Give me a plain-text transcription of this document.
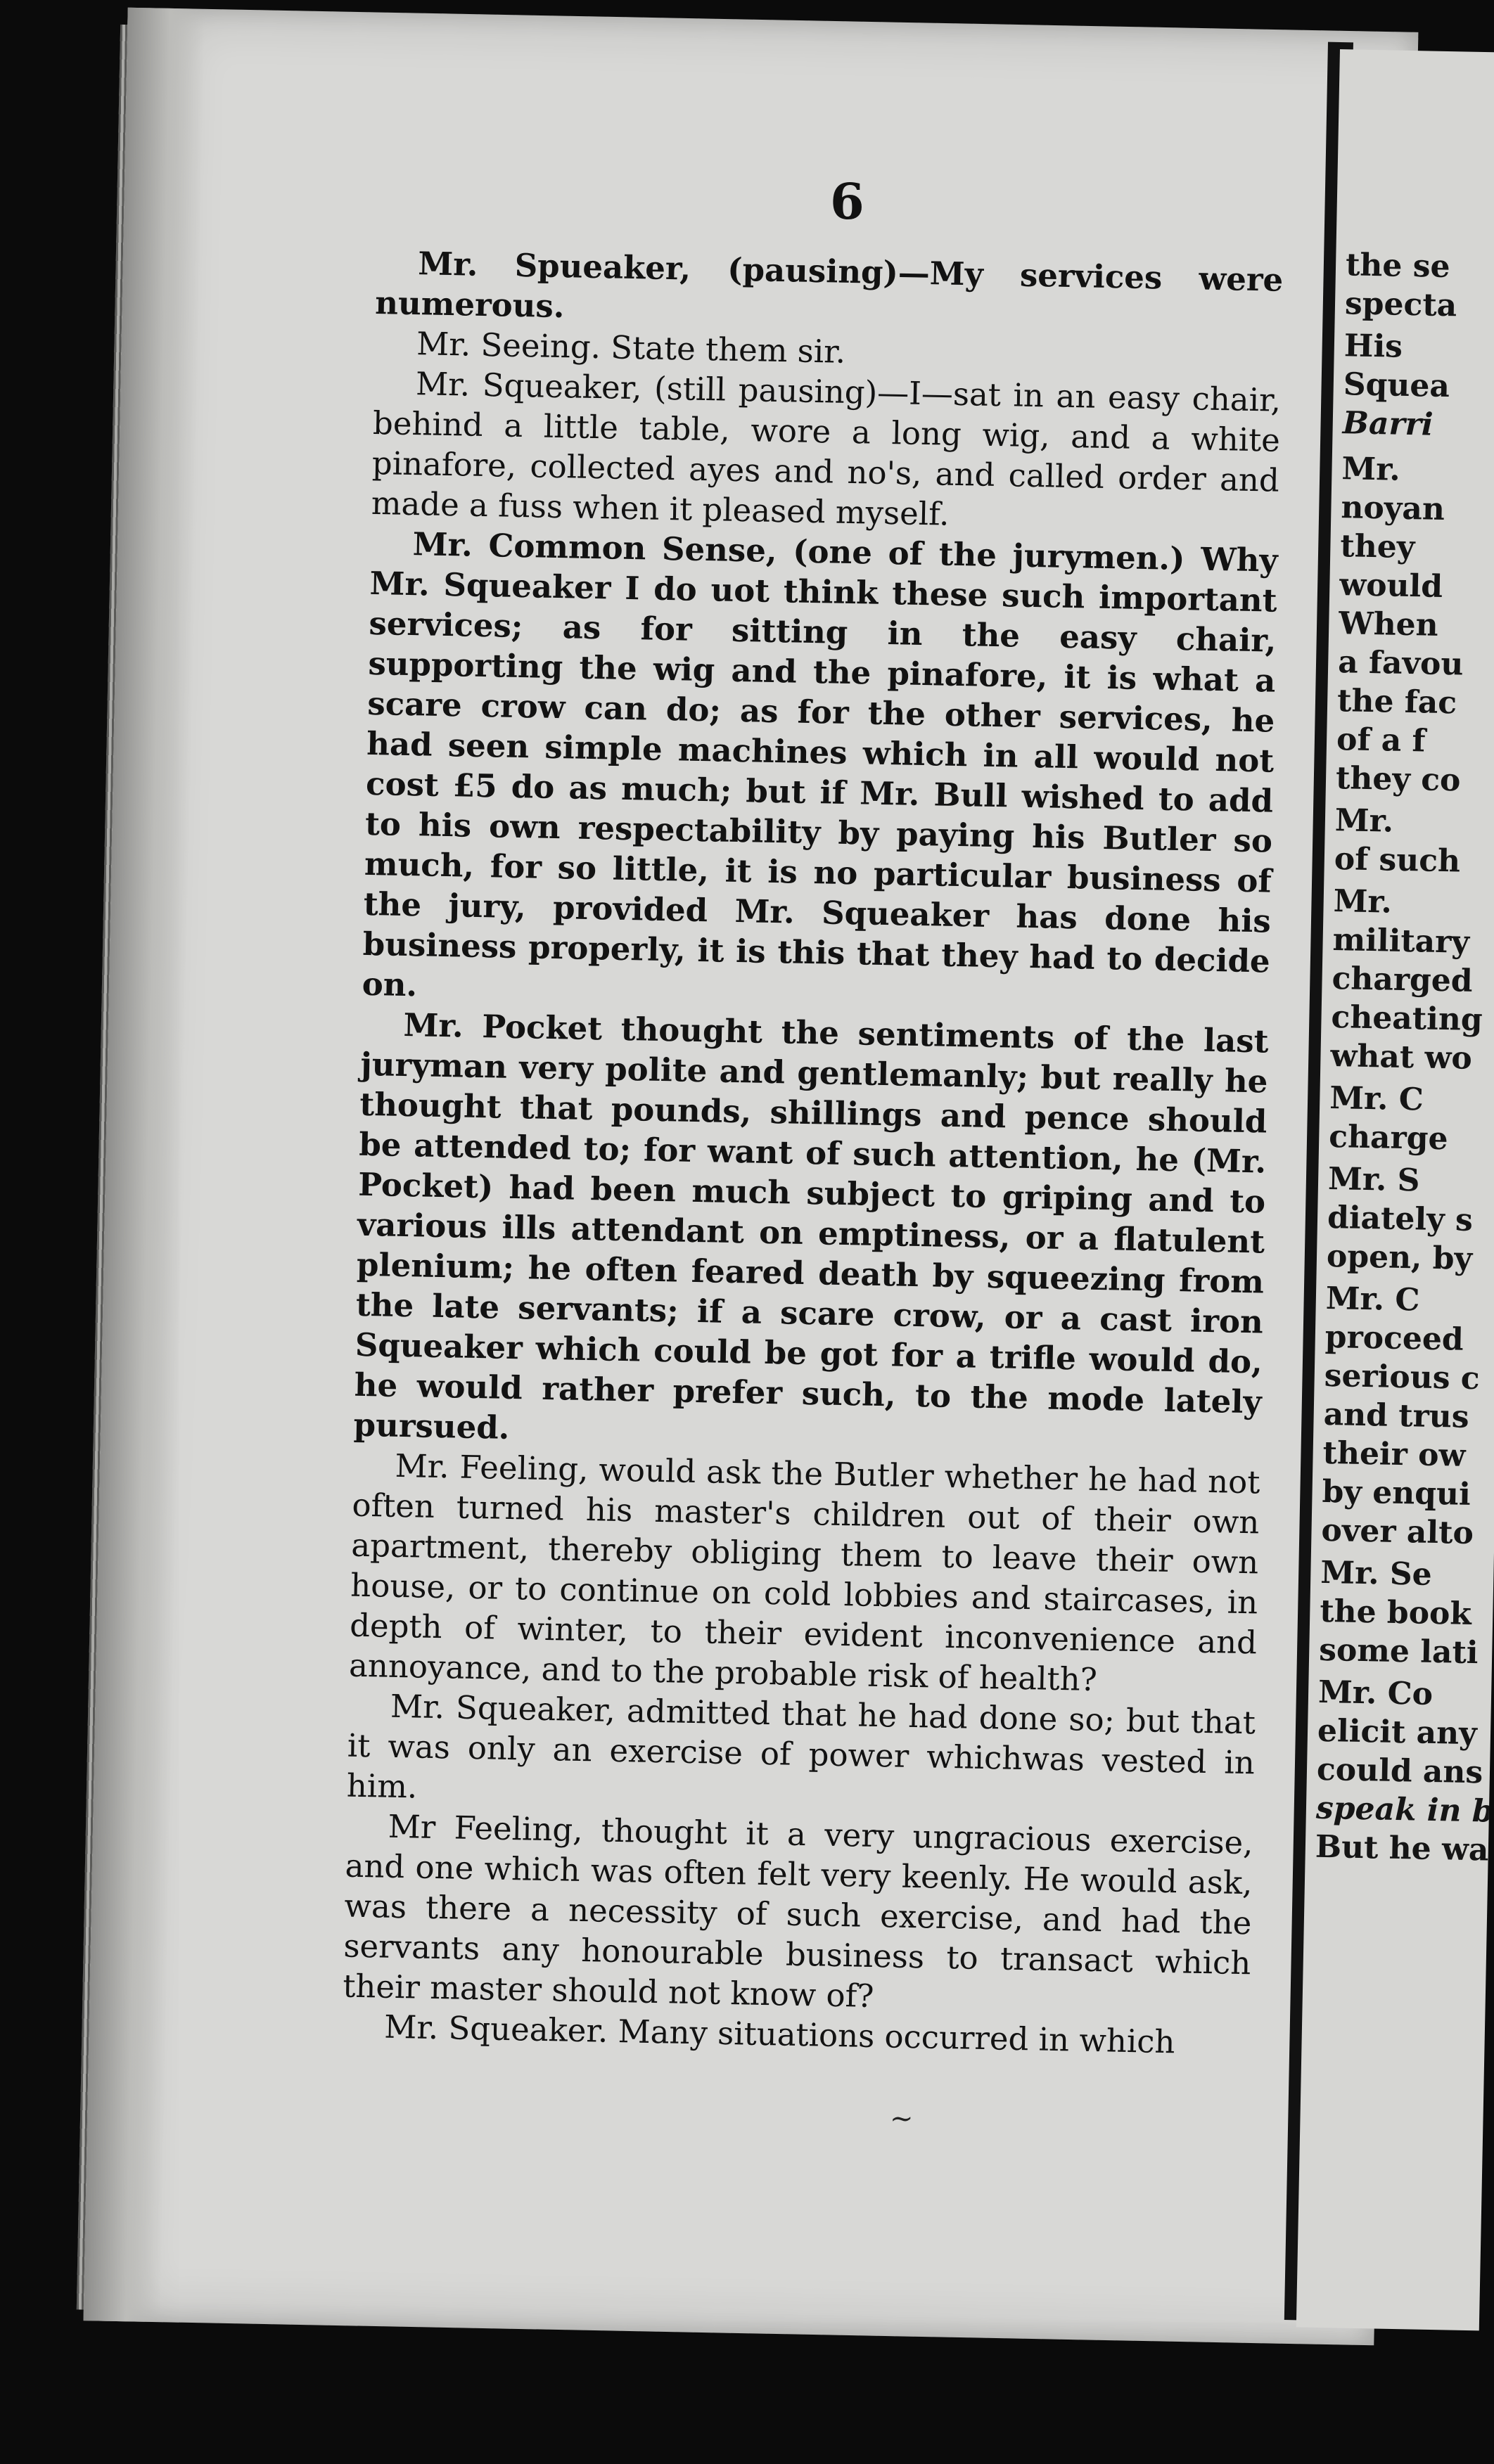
the se
specta
His
Squea
Barri
Mr.
noyan
they
would
When
a favou
the fac
of a f
they co
Mr.
of such
Mr.
military
charged
cheating
what wo
Mr. C
charge
Mr. S
diately s
open, by
Mr. C
proceed
serious c
and trus
their ow
by enqui
over alto
Mr. Se
the book
some lati
Mr. Co
elicit any
could ans
speak in b
But he wa
6

Mr. Spueaker, (pausing)—My services were numerous.

Mr. Seeing. State them sir.

Mr. Squeaker, (still pausing)—I—sat in an easy chair, behind a little table, wore a long wig, and a white pinafore, collected ayes and no's, and called order and made a fuss when it pleased myself.

Mr. Common Sense, (one of the jurymen.) Why Mr. Squeaker I do uot think these such important services; as for sitting in the easy chair, supporting the wig and the pinafore, it is what a scare crow can do; as for the other services, he had seen simple machines which in all would not cost £5 do as much; but if Mr. Bull wished to add to his own respectability by paying his Butler so much, for so little, it is no particular business of the jury, provided Mr. Squeaker has done his business properly, it is this that they had to decide on.

Mr. Pocket thought the sentiments of the last juryman very polite and gentlemanly; but really he thought that pounds, shillings and pence should be attended to; for want of such attention, he (Mr. Pocket) had been much subject to griping and to various ills attendant on emptiness, or a flatulent plenium; he often feared death by squeezing from the late servants; if a scare crow, or a cast iron Squeaker which could be got for a trifle would do, he would rather prefer such, to the mode lately pursued.

Mr. Feeling, would ask the Butler whether he had not often turned his master's children out of their own apartment, thereby obliging them to leave their own house, or to continue on cold lobbies and staircases, in depth of winter, to their evident inconvenience and annoyance, and to the probable risk of health?

Mr. Squeaker, admitted that he had done so; but that it was only an exercise of power whichwas vested in him.

Mr Feeling, thought it a very ungracious exercise, and one which was often felt very keenly. He would ask, was there a necessity of such exercise, and had the servants any honourable business to transact which their master should not know of?

Mr. Squeaker. Many situations occurred in which

~
